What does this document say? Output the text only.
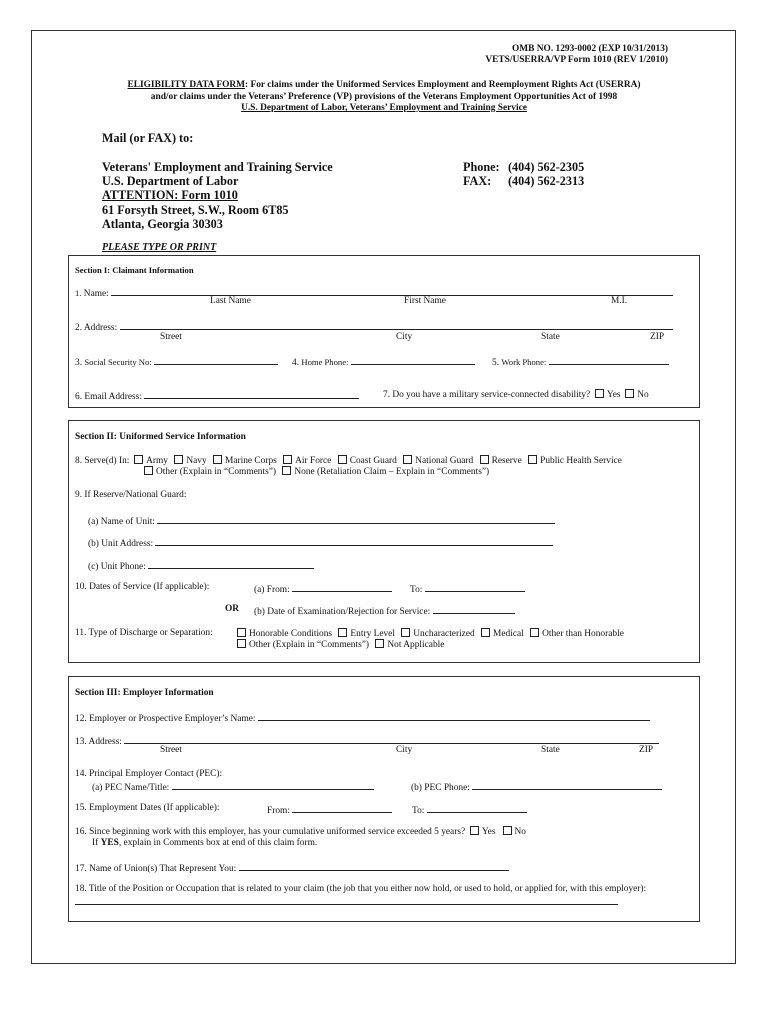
OMB NO. 1293-0002 (EXP 10/31/2013)
VETS/USERRA/VP Form 1010 (REV 1/2010)
ELIGIBILITY DATA FORM: For claims under the Uniformed Services Employment and Reemployment Rights Act (USERRA)
and/or claims under the Veterans’ Preference (VP) provisions of the Veterans Employment Opportunities Act of 1998
U.S. Department of Labor, Veterans’ Employment and Training Service
Mail (or FAX) to:
Veterans' Employment and Training Service
U.S. Department of Labor
ATTENTION: Form 1010
61 Forsyth Street, S.W., Room 6T85
Atlanta, Georgia 30303
Phone: (404) 562-2305
FAX: (404) 562-2313
PLEASE TYPE OR PRINT
Section I: Claimant Information
1. Name:
Last Name	First Name	M.I.
2. Address:
Street	City	State	ZIP
3. Social Security No:	4. Home Phone:	5. Work Phone:
6. Email Address:	7. Do you have a military service-connected disability? Yes No
Section II: Uniformed Service Information
8. Serve(d) In: Army Navy Marine Corps Air Force Coast Guard National Guard Reserve Public Health Service
Other (Explain in “Comments”) None (Retaliation Claim – Explain in “Comments”)
9. If Reserve/National Guard:
(a) Name of Unit:
(b) Unit Address:
(c) Unit Phone:
10. Dates of Service (If applicable):	(a) From:	To:
OR (b) Date of Examination/Rejection for Service:
11. Type of Discharge or Separation:	Honorable Conditions Entry Level Uncharacterized Medical Other than Honorable
Other (Explain in “Comments”) Not Applicable
Section III: Employer Information
12. Employer or Prospective Employer’s Name:
13. Address:
Street	City	State	ZIP
14. Principal Employer Contact (PEC):
(a) PEC Name/Title:	(b) PEC Phone:
15. Employment Dates (If applicable):	From:	To:
16. Since beginning work with this employer, has your cumulative uniformed service exceeded 5 years? Yes No
If YES, explain in Comments box at end of this claim form.
17. Name of Union(s) That Represent You:
18. Title of the Position or Occupation that is related to your claim (the job that you either now hold, or used to hold, or applied for, with this employer):
